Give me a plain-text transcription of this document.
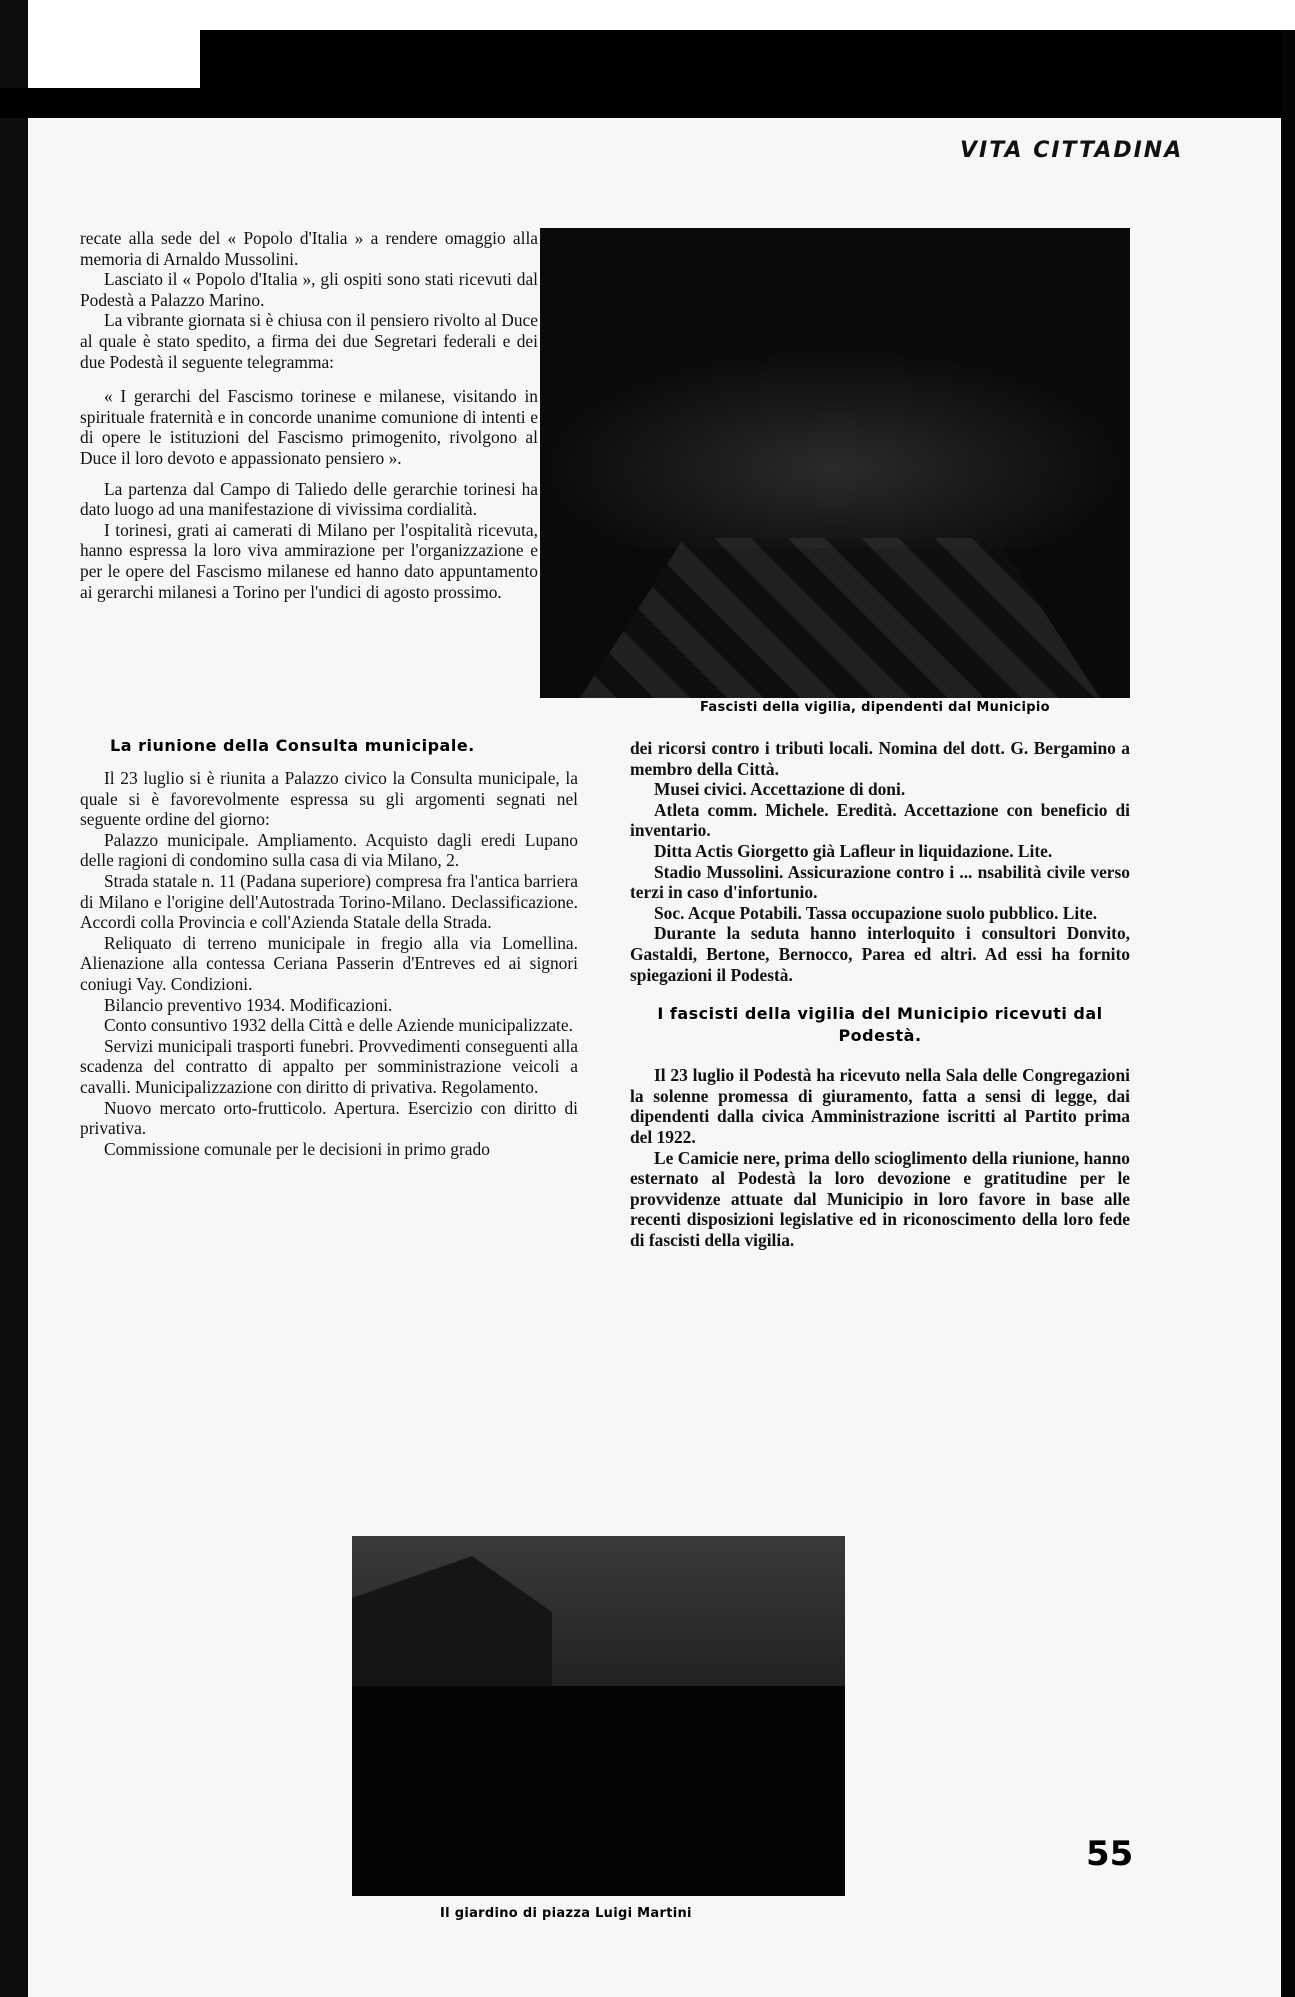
VITA CITTADINA

recate alla sede del « Popolo d'Italia » a rendere omaggio alla memoria di Arnaldo Mussolini.

Lasciato il « Popolo d'Italia », gli ospiti sono stati ricevuti dal Podestà a Palazzo Marino.

La vibrante giornata si è chiusa con il pensiero rivolto al Duce al quale è stato spedito, a firma dei due Segretari federali e dei due Podestà il seguente telegramma:

« I gerarchi del Fascismo torinese e milanese, visitando in spirituale fraternità e in concorde unanime comunione di intenti e di opere le istituzioni del Fascismo primogenito, rivolgono al Duce il loro devoto e appassionato pensiero ».

La partenza dal Campo di Taliedo delle gerarchie torinesi ha dato luogo ad una manifestazione di vivissima cordialità.

I torinesi, grati ai camerati di Milano per l'ospitalità ricevuta, hanno espressa la loro viva ammirazione per l'organizzazione e per le opere del Fascismo milanese ed hanno dato appuntamento ai gerarchi milanesi a Torino per l'undici di agosto prossimo.

Fascisti della vigilia, dipendenti dal Municipio
La riunione della Consulta municipale.

Il 23 luglio si è riunita a Palazzo civico la Consulta municipale, la quale si è favorevolmente espressa su gli argomenti segnati nel seguente ordine del giorno:

Palazzo municipale. Ampliamento. Acquisto dagli eredi Lupano delle ragioni di condomino sulla casa di via Milano, 2.

Strada statale n. 11 (Padana superiore) compresa fra l'antica barriera di Milano e l'origine dell'Autostrada Torino-Milano. Declassificazione. Accordi colla Provincia e coll'Azienda Statale della Strada.

Reliquato di terreno municipale in fregio alla via Lomellina. Alienazione alla contessa Ceriana Passerin d'Entreves ed ai signori coniugi Vay. Condizioni.

Bilancio preventivo 1934. Modificazioni.

Conto consuntivo 1932 della Città e delle Aziende municipalizzate.

Servizi municipali trasporti funebri. Provvedimenti conseguenti alla scadenza del contratto di appalto per somministrazione veicoli a cavalli. Municipalizzazione con diritto di privativa. Regolamento.

Nuovo mercato orto-frutticolo. Apertura. Esercizio con diritto di privativa.

Commissione comunale per le decisioni in primo grado

dei ricorsi contro i tributi locali. Nomina del dott. G. Bergamino a membro della Città.

Musei civici. Accettazione di doni.

Atleta comm. Michele. Eredità. Accettazione con beneficio di inventario.

Ditta Actis Giorgetto già Lafleur in liquidazione. Lite.

Stadio Mussolini. Assicurazione contro i ... nsabilità civile verso terzi in caso d'infortunio.

Soc. Acque Potabili. Tassa occupazione suolo pubblico. Lite.

Durante la seduta hanno interloquito i consultori Donvito, Gastaldi, Bertone, Bernocco, Parea ed altri. Ad essi ha fornito spiegazioni il Podestà.

I fascisti della vigilia del Municipio ricevuti dal Podestà.

Il 23 luglio il Podestà ha ricevuto nella Sala delle Congregazioni la solenne promessa di giuramento, fatta a sensi di legge, dai dipendenti dalla civica Amministrazione iscritti al Partito prima del 1922.

Le Camicie nere, prima dello scioglimento della riunione, hanno esternato al Podestà la loro devozione e gratitudine per le provvidenze attuate dal Municipio in loro favore in base alle recenti disposizioni legislative ed in riconoscimento della loro fede di fascisti della vigilia.

Il giardino di piazza Luigi Martini
55
